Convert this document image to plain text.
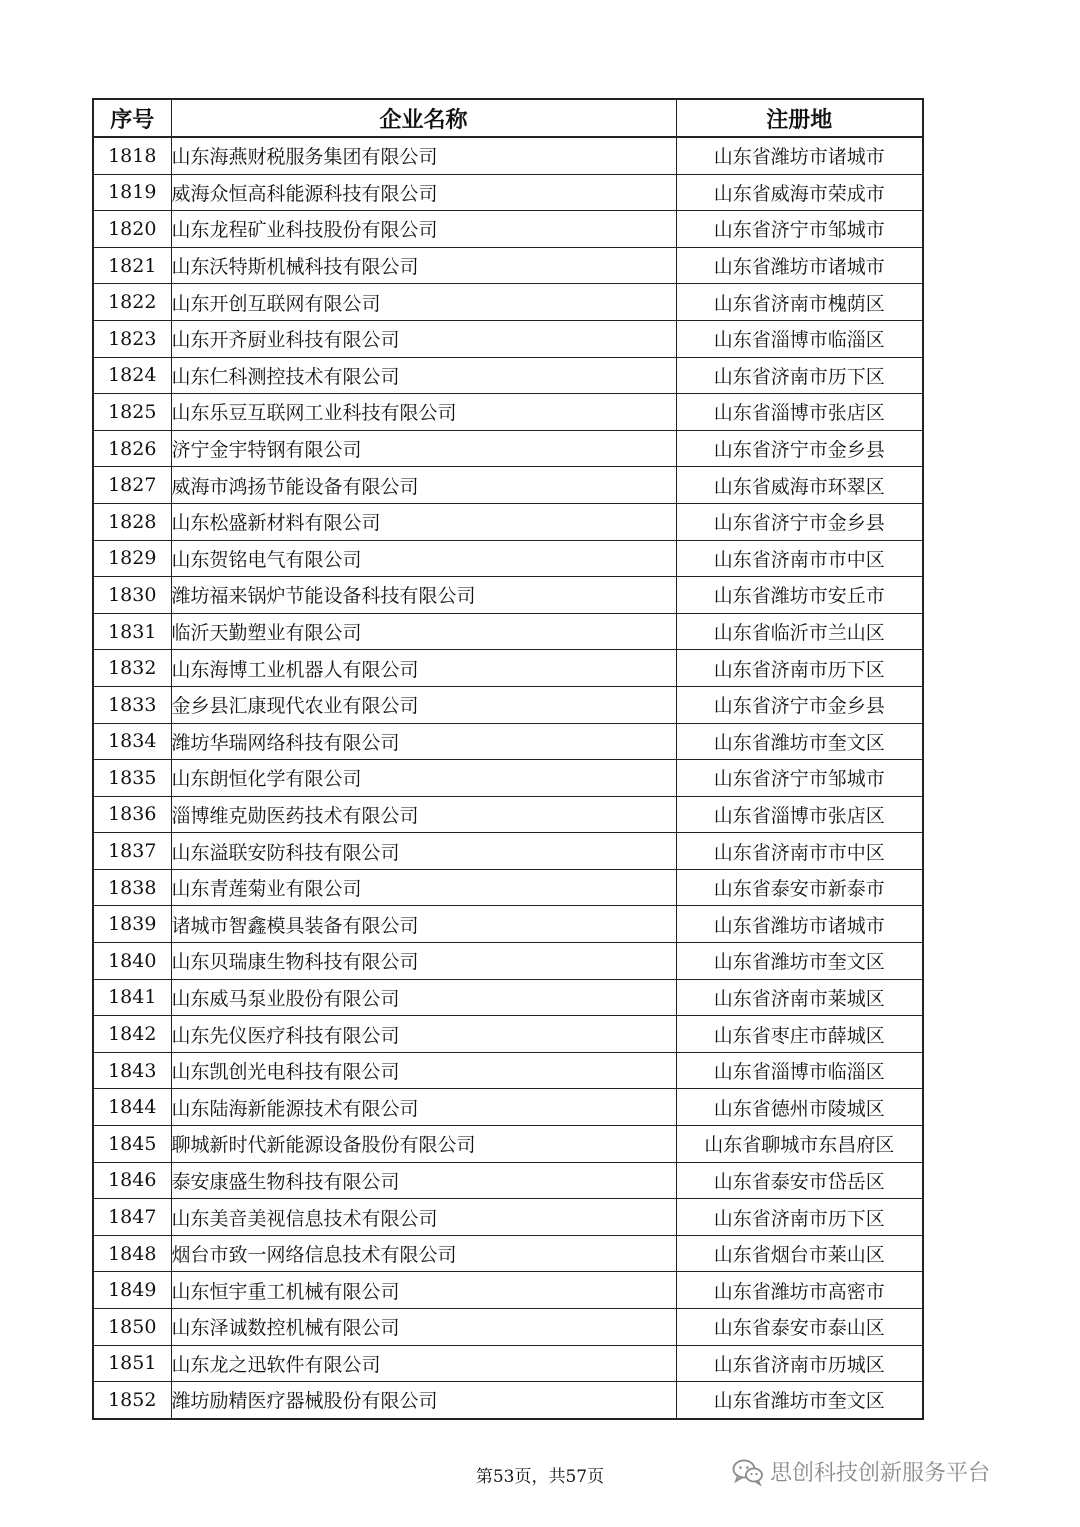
序号	企业名称	注册地
1818	山东海燕财税服务集团有限公司	山东省潍坊市诸城市
1819	威海众恒高科能源科技有限公司	山东省威海市荣成市
1820	山东龙程矿业科技股份有限公司	山东省济宁市邹城市
1821	山东沃特斯机械科技有限公司	山东省潍坊市诸城市
1822	山东开创互联网有限公司	山东省济南市槐荫区
1823	山东开齐厨业科技有限公司	山东省淄博市临淄区
1824	山东仁科测控技术有限公司	山东省济南市历下区
1825	山东乐豆互联网工业科技有限公司	山东省淄博市张店区
1826	济宁金宇特钢有限公司	山东省济宁市金乡县
1827	威海市鸿扬节能设备有限公司	山东省威海市环翠区
1828	山东松盛新材料有限公司	山东省济宁市金乡县
1829	山东贺铭电气有限公司	山东省济南市市中区
1830	潍坊福来锅炉节能设备科技有限公司	山东省潍坊市安丘市
1831	临沂天勤塑业有限公司	山东省临沂市兰山区
1832	山东海博工业机器人有限公司	山东省济南市历下区
1833	金乡县汇康现代农业有限公司	山东省济宁市金乡县
1834	潍坊华瑞网络科技有限公司	山东省潍坊市奎文区
1835	山东朗恒化学有限公司	山东省济宁市邹城市
1836	淄博维克勋医药技术有限公司	山东省淄博市张店区
1837	山东溢联安防科技有限公司	山东省济南市市中区
1838	山东青莲菊业有限公司	山东省泰安市新泰市
1839	诸城市智鑫模具装备有限公司	山东省潍坊市诸城市
1840	山东贝瑞康生物科技有限公司	山东省潍坊市奎文区
1841	山东威马泵业股份有限公司	山东省济南市莱城区
1842	山东先仪医疗科技有限公司	山东省枣庄市薛城区
1843	山东凯创光电科技有限公司	山东省淄博市临淄区
1844	山东陆海新能源技术有限公司	山东省德州市陵城区
1845	聊城新时代新能源设备股份有限公司	山东省聊城市东昌府区
1846	泰安康盛生物科技有限公司	山东省泰安市岱岳区
1847	山东美音美视信息技术有限公司	山东省济南市历下区
1848	烟台市致一网络信息技术有限公司	山东省烟台市莱山区
1849	山东恒宇重工机械有限公司	山东省潍坊市高密市
1850	山东泽诚数控机械有限公司	山东省泰安市泰山区
1851	山东龙之迅软件有限公司	山东省济南市历城区
1852	潍坊励精医疗器械股份有限公司	山东省潍坊市奎文区
第53页，共57页	思创科技创新服务平台
